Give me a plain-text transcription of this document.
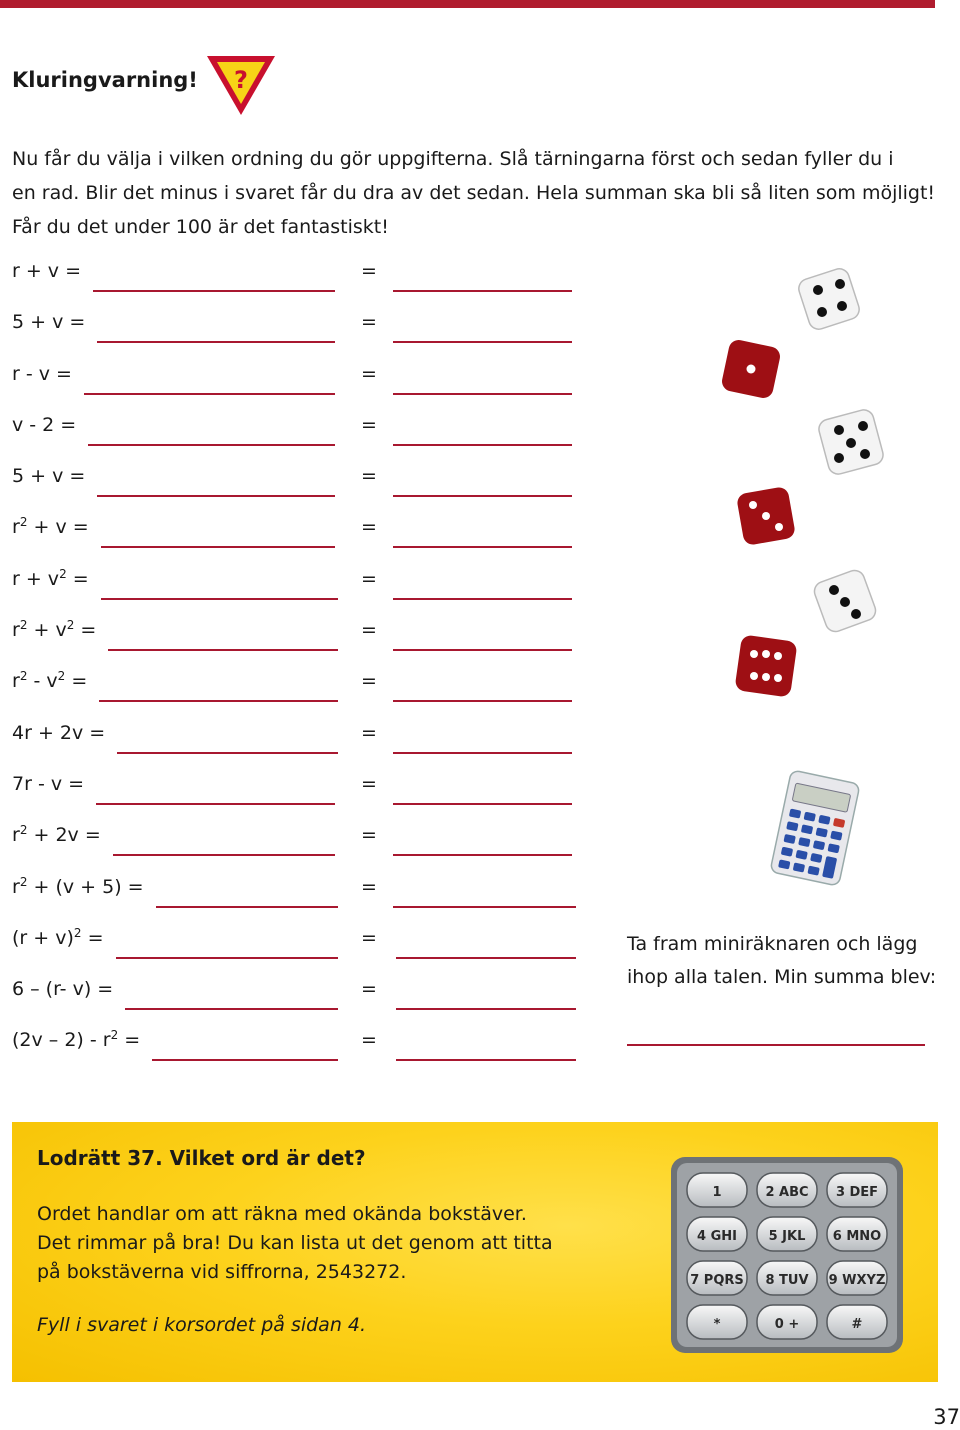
Kluringvarning! ?
Nu får du välja i vilken ordning du gör uppgifterna. Slå tärningarna först och sedan fyller du i
en rad. Blir det minus i svaret får du dra av det sedan. Hela summan ska bli så liten som möjligt!
Får du det under 100 är det fantastiskt!
r + v =	=
5 + v =	=
r - v =	=
v - 2 =	=
5 + v =	=
$r^2 + v$ =	=
$r + v^2$ =	=
$r^2 + v^2$ =	=
$r^2 - v^2$ =	=
4r + 2v =	=
7r - v =	=
$r^2 + 2v$ =	=
$r^2 + (v + 5)$ =	=
$(r + v)^2$ =	=
6 – (r- v) =	=
$(2v - 2) - r^2$ =	=
Ta fram miniräknaren och lägg
ihop alla talen. Min summa blev:
Lodrätt 37. Vilket ord är det?
Ordet handlar om att räkna med okända bokstäver.
Det rimmar på bra! Du kan lista ut det genom att titta
på bokstäverna vid siffrorna, 2543272.
Fyll i svaret i korsordet på sidan 4.
1	2 ABC 3 DEF
4 GHI 5 JKL 6 MNO
7 PQRS 8 TUV 9 WXYZ
*	0 +	#
37
